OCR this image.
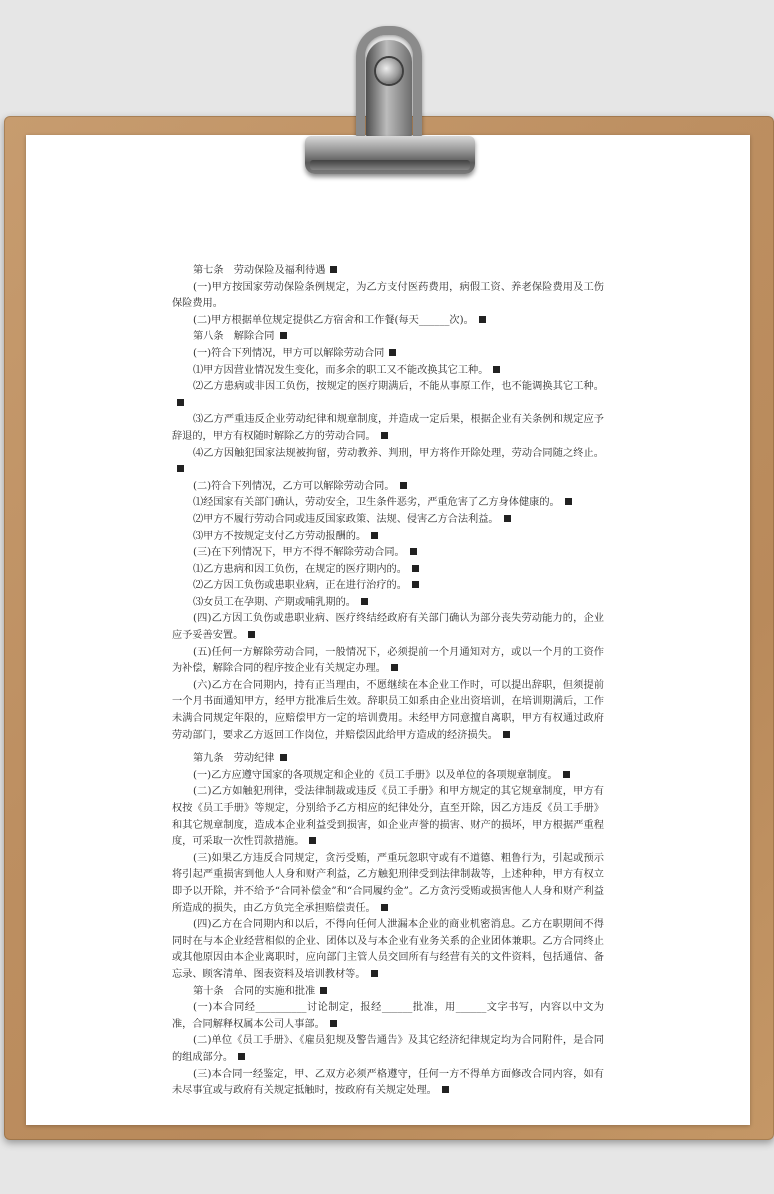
第七条　劳动保险及福利待遇

(一)甲方按国家劳动保险条例规定，为乙方支付医药费用，病假工资、养老保险费用及工伤保险费用。

(二)甲方根据单位规定提供乙方宿舍和工作餐(每天______次)。

第八条　解除合同

(一)符合下列情况，甲方可以解除劳动合同

⑴甲方因营业情况发生变化，而多余的职工又不能改换其它工种。

⑵乙方患病或非因工负伤，按规定的医疗期满后，不能从事原工作，也不能调换其它工种。

⑶乙方严重违反企业劳动纪律和规章制度，并造成一定后果，根据企业有关条例和规定应予辞退的，甲方有权随时解除乙方的劳动合同。

⑷乙方因触犯国家法规被拘留，劳动教养、判刑，甲方将作开除处理，劳动合同随之终止。

(二)符合下列情况，乙方可以解除劳动合同。

⑴经国家有关部门确认，劳动安全，卫生条件恶劣，严重危害了乙方身体健康的。

⑵甲方不履行劳动合同或违反国家政策、法规、侵害乙方合法利益。

⑶甲方不按规定支付乙方劳动报酬的。

(三)在下列情况下，甲方不得不解除劳动合同。

⑴乙方患病和因工负伤，在规定的医疗期内的。

⑵乙方因工负伤或患职业病，正在进行治疗的。

⑶女员工在孕期、产期或哺乳期的。

(四)乙方因工负伤或患职业病、医疗终结经政府有关部门确认为部分丧失劳动能力的，企业应予妥善安置。

(五)任何一方解除劳动合同，一般情况下，必须提前一个月通知对方，或以一个月的工资作为补偿，解除合同的程序按企业有关规定办理。

(六)乙方在合同期内，持有正当理由，不愿继续在本企业工作时，可以提出辞职，但须提前一个月书面通知甲方，经甲方批准后生效。辞职员工如系由企业出资培训，在培训期满后，工作未满合同规定年限的，应赔偿甲方一定的培训费用。未经甲方同意擅自离职，甲方有权通过政府劳动部门，要求乙方返回工作岗位，并赔偿因此给甲方造成的经济损失。

第九条　劳动纪律

(一)乙方应遵守国家的各项规定和企业的《员工手册》以及单位的各项规章制度。

(二)乙方如触犯刑律，受法律制裁或违反《员工手册》和甲方规定的其它规章制度，甲方有权按《员工手册》等规定，分别给予乙方相应的纪律处分，直至开除，因乙方违反《员工手册》和其它规章制度，造成本企业利益受到损害，如企业声誉的损害、财产的损坏，甲方根据严重程度，可采取一次性罚款措施。

(三)如果乙方违反合同规定，贪污受贿，严重玩忽职守或有不道德、粗鲁行为，引起或预示将引起严重损害到他人人身和财产利益，乙方触犯刑律受到法律制裁等，上述种种，甲方有权立即予以开除，并不给予“合同补偿金”和“合同履约金”。乙方贪污受贿或损害他人人身和财产利益所造成的损失，由乙方负完全承担赔偿责任。

(四)乙方在合同期内和以后，不得向任何人泄漏本企业的商业机密消息。乙方在职期间不得同时在与本企业经营相似的企业、团体以及与本企业有业务关系的企业团体兼职。乙方合同终止或其他原因由本企业离职时，应向部门主管人员交回所有与经营有关的文件资料，包括通信、备忘录、顾客清单、图表资料及培训教材等。

第十条　合同的实施和批准

(一)本合同经__________讨论制定，报经______批准，用______文字书写，内容以中文为准，合同解释权属本公司人事部。

(二)单位《员工手册》、《雇员犯规及警告通告》及其它经济纪律规定均为合同附件，是合同的组成部分。

(三)本合同一经鉴定，甲、乙双方必须严格遵守，任何一方不得单方面修改合同内容，如有未尽事宜或与政府有关规定抵触时，按政府有关规定处理。
